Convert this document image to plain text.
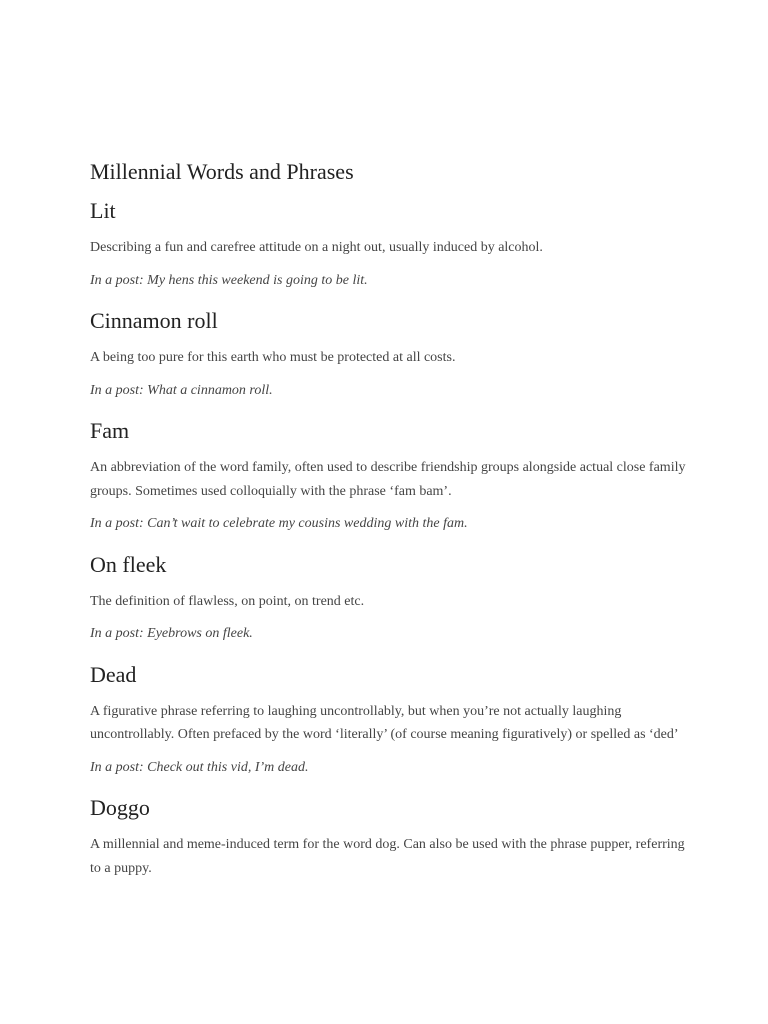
Millennial Words and Phrases
Lit

Describing a fun and carefree attitude on a night out, usually induced by alcohol.

In a post: My hens this weekend is going to be lit.

Cinnamon roll

A being too pure for this earth who must be protected at all costs.

In a post: What a cinnamon roll.

Fam

An abbreviation of the word family, often used to describe friendship groups alongside actual close family groups. Sometimes used colloquially with the phrase ‘fam bam’.

In a post: Can’t wait to celebrate my cousins wedding with the fam.

On fleek

The definition of flawless, on point, on trend etc.

In a post: Eyebrows on fleek.

Dead

A figurative phrase referring to laughing uncontrollably, but when you’re not actually laughing uncontrollably. Often prefaced by the word ‘literally’ (of course meaning figuratively) or spelled as ‘ded’

In a post: Check out this vid, I’m dead.

Doggo

A millennial and meme-induced term for the word dog. Can also be used with the phrase pupper, referring to a puppy.
